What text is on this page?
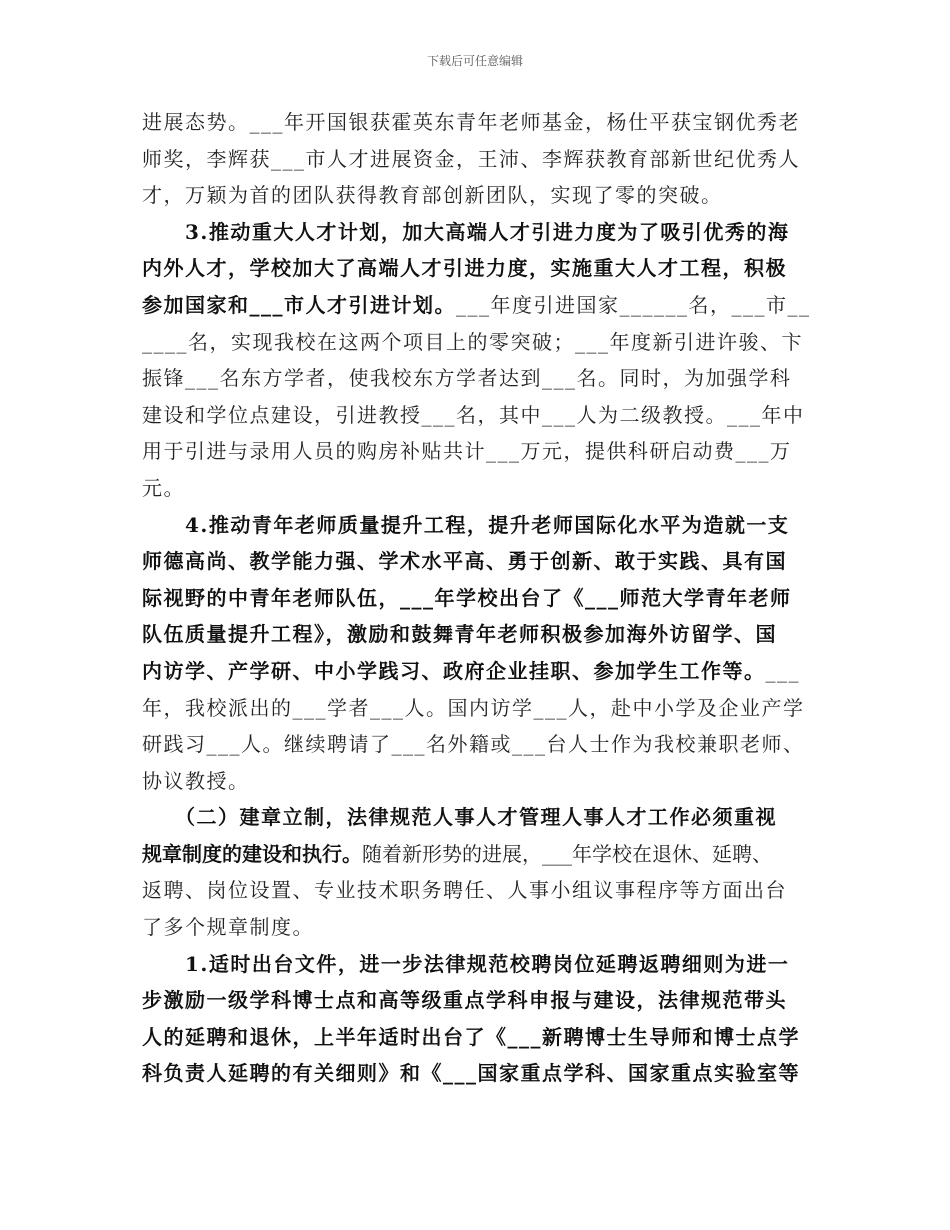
下载后可任意编辑
进展态势。___年开国银获霍英东青年老师基金，杨仕平获宝钢优秀老
师奖，李辉获___市人才进展资金，王沛、李辉获教育部新世纪优秀人
才，万颖为首的团队获得教育部创新团队，实现了零的突破。
　　3.推动重大人才计划，加大高端人才引进力度为了吸引优秀的海
内外人才，学校加大了高端人才引进力度，实施重大人才工程，积极
参加国家和___市人才引进计划。___年度引进国家______名，___市__
____名，实现我校在这两个项目上的零突破；___年度新引进许骏、卞
振锋___名东方学者，使我校东方学者达到___名。同时，为加强学科
建设和学位点建设，引进教授___名，其中___人为二级教授。___年中
用于引进与录用人员的购房补贴共计___万元，提供科研启动费___万
元。
　　4.推动青年老师质量提升工程，提升老师国际化水平为造就一支
师德高尚、教学能力强、学术水平高、勇于创新、敢于实践、具有国
际视野的中青年老师队伍，___年学校出台了《___师范大学青年老师
队伍质量提升工程》，激励和鼓舞青年老师积极参加海外访留学、国
内访学、产学研、中小学践习、政府企业挂职、参加学生工作等。___
年，我校派出的___学者___人。国内访学___人，赴中小学及企业产学
研践习___人。继续聘请了___名外籍或___台人士作为我校兼职老师、
协议教授。
　　（二）建章立制，法律规范人事人才管理人事人才工作必须重视
规章制度的建设和执行。随着新形势的进展，___年学校在退休、延聘、
返聘、岗位设置、专业技术职务聘任、人事小组议事程序等方面出台
了多个规章制度。
　　1.适时出台文件，进一步法律规范校聘岗位延聘返聘细则为进一
步激励一级学科博士点和高等级重点学科申报与建设，法律规范带头
人的延聘和退休，上半年适时出台了《___新聘博士生导师和博士点学
科负责人延聘的有关细则》和《___国家重点学科、国家重点实验室等
